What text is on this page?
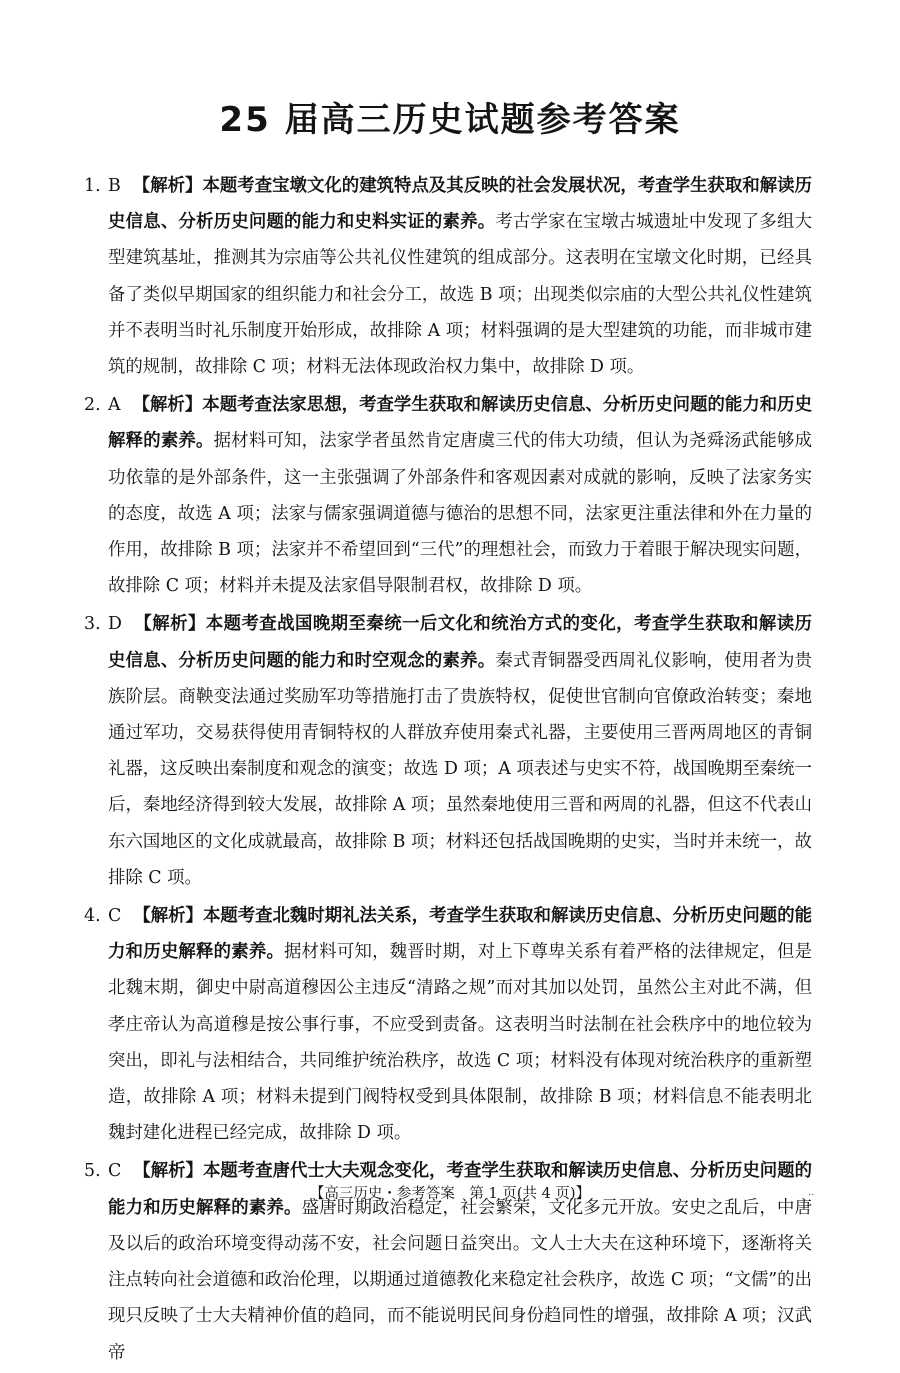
25 届高三历史试题参考答案

1. B 【解析】本题考查宝墩文化的建筑特点及其反映的社会发展状况，考查学生获取和解读历史信息、分析历史问题的能力和史料实证的素养。考古学家在宝墩古城遗址中发现了多组大型建筑基址，推测其为宗庙等公共礼仪性建筑的组成部分。这表明在宝墩文化时期，已经具备了类似早期国家的组织能力和社会分工，故选 B 项；出现类似宗庙的大型公共礼仪性建筑并不表明当时礼乐制度开始形成，故排除 A 项；材料强调的是大型建筑的功能，而非城市建筑的规制，故排除 C 项；材料无法体现政治权力集中，故排除 D 项。

2. A 【解析】本题考查法家思想，考查学生获取和解读历史信息、分析历史问题的能力和历史解释的素养。据材料可知，法家学者虽然肯定唐虞三代的伟大功绩，但认为尧舜汤武能够成功依靠的是外部条件，这一主张强调了外部条件和客观因素对成就的影响，反映了法家务实的态度，故选 A 项；法家与儒家强调道德与德治的思想不同，法家更注重法律和外在力量的作用，故排除 B 项；法家并不希望回到“三代”的理想社会，而致力于着眼于解决现实问题，故排除 C 项；材料并未提及法家倡导限制君权，故排除 D 项。

3. D 【解析】本题考查战国晚期至秦统一后文化和统治方式的变化，考查学生获取和解读历史信息、分析历史问题的能力和时空观念的素养。秦式青铜器受西周礼仪影响，使用者为贵族阶层。商鞅变法通过奖励军功等措施打击了贵族特权，促使世官制向官僚政治转变；秦地通过军功，交易获得使用青铜特权的人群放弃使用秦式礼器，主要使用三晋两周地区的青铜礼器，这反映出秦制度和观念的演变；故选 D 项；A 项表述与史实不符，战国晚期至秦统一后，秦地经济得到较大发展，故排除 A 项；虽然秦地使用三晋和两周的礼器，但这不代表山东六国地区的文化成就最高，故排除 B 项；材料还包括战国晚期的史实，当时并未统一，故排除 C 项。

4. C 【解析】本题考查北魏时期礼法关系，考查学生获取和解读历史信息、分析历史问题的能力和历史解释的素养。据材料可知，魏晋时期，对上下尊卑关系有着严格的法律规定，但是北魏末期，御史中尉高道穆因公主违反“清路之规”而对其加以处罚，虽然公主对此不满，但孝庄帝认为高道穆是按公事行事，不应受到责备。这表明当时法制在社会秩序中的地位较为突出，即礼与法相结合，共同维护统治秩序，故选 C 项；材料没有体现对统治秩序的重新塑造，故排除 A 项；材料未提到门阀特权受到具体限制，故排除 B 项；材料信息不能表明北魏封建化进程已经完成，故排除 D 项。

5. C 【解析】本题考查唐代士大夫观念变化，考查学生获取和解读历史信息、分析历史问题的能力和历史解释的素养。盛唐时期政治稳定，社会繁荣，文化多元开放。安史之乱后，中唐及以后的政治环境变得动荡不安，社会问题日益突出。文人士大夫在这种环境下，逐渐将关注点转向社会道德和政治伦理，以期通过道德教化来稳定社会秩序，故选 C 项；“文儒”的出现只反映了士大夫精神价值的趋同，而不能说明民间身份趋同性的增强，故排除 A 项；汉武帝

【高三历史・参考答案　第 1 页(共 4 页)】	··
